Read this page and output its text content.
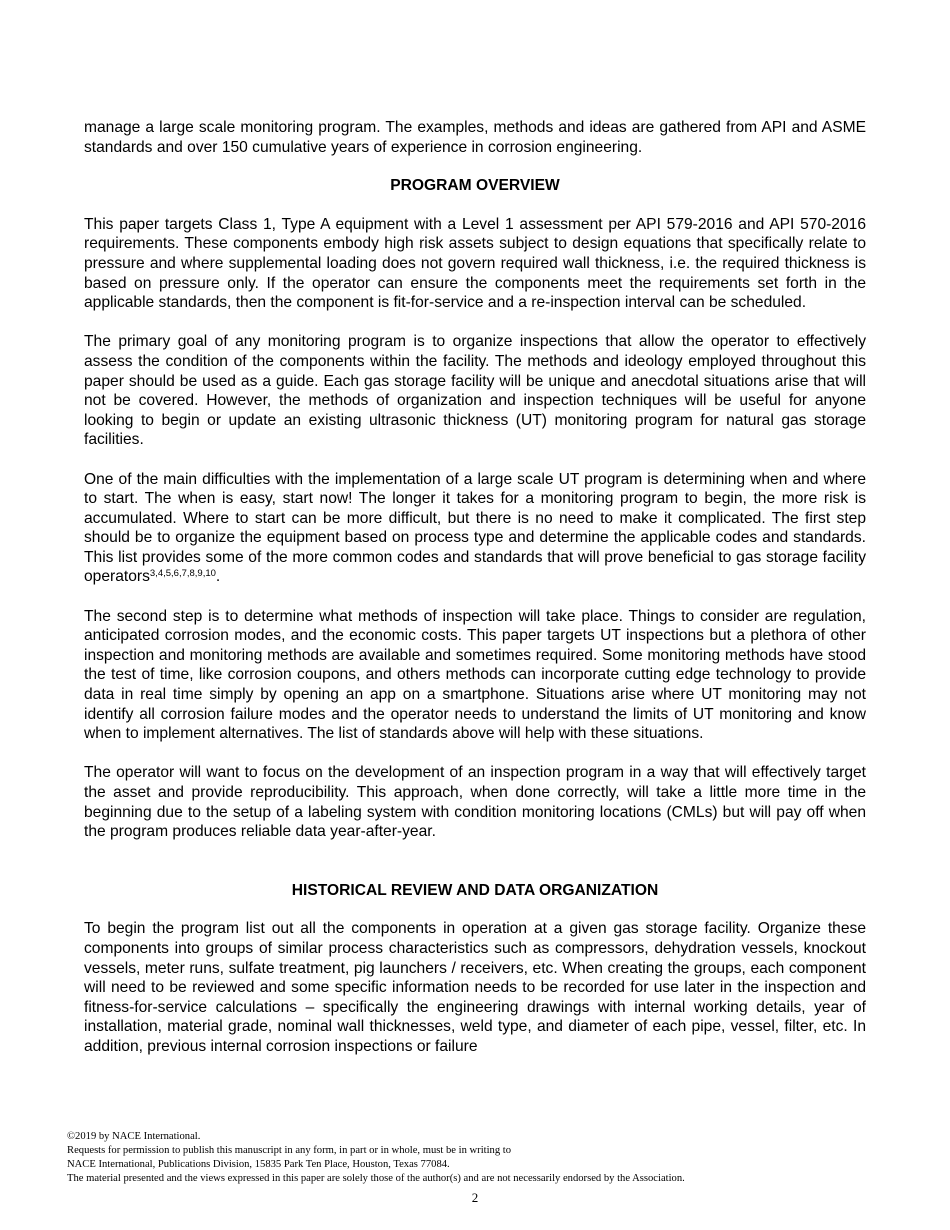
manage a large scale monitoring program. The examples, methods and ideas are gathered from API and ASME standards and over 150 cumulative years of experience in corrosion engineering.

PROGRAM OVERVIEW

This paper targets Class 1, Type A equipment with a Level 1 assessment per API 579-2016 and API 570-2016 requirements. These components embody high risk assets subject to design equations that specifically relate to pressure and where supplemental loading does not govern required wall thickness, i.e. the required thickness is based on pressure only. If the operator can ensure the components meet the requirements set forth in the applicable standards, then the component is fit-for-service and a re-inspection interval can be scheduled.

The primary goal of any monitoring program is to organize inspections that allow the operator to effectively assess the condition of the components within the facility. The methods and ideology employed throughout this paper should be used as a guide. Each gas storage facility will be unique and anecdotal situations arise that will not be covered. However, the methods of organization and inspection techniques will be useful for anyone looking to begin or update an existing ultrasonic thickness (UT) monitoring program for natural gas storage facilities.

One of the main difficulties with the implementation of a large scale UT program is determining when and where to start. The when is easy, start now! The longer it takes for a monitoring program to begin, the more risk is accumulated. Where to start can be more difficult, but there is no need to make it complicated. The first step should be to organize the equipment based on process type and determine the applicable codes and standards. This list provides some of the more common codes and standards that will prove beneficial to gas storage facility operators$^{3,4,5,6,7,8,9,10}$.

The second step is to determine what methods of inspection will take place. Things to consider are regulation, anticipated corrosion modes, and the economic costs. This paper targets UT inspections but a plethora of other inspection and monitoring methods are available and sometimes required. Some monitoring methods have stood the test of time, like corrosion coupons, and others methods can incorporate cutting edge technology to provide data in real time simply by opening an app on a smartphone. Situations arise where UT monitoring may not identify all corrosion failure modes and the operator needs to understand the limits of UT monitoring and know when to implement alternatives. The list of standards above will help with these situations.

The operator will want to focus on the development of an inspection program in a way that will effectively target the asset and provide reproducibility. This approach, when done correctly, will take a little more time in the beginning due to the setup of a labeling system with condition monitoring locations (CMLs) but will pay off when the program produces reliable data year-after-year.

HISTORICAL REVIEW AND DATA ORGANIZATION

To begin the program list out all the components in operation at a given gas storage facility. Organize these components into groups of similar process characteristics such as compressors, dehydration vessels, knockout vessels, meter runs, sulfate treatment, pig launchers / receivers, etc. When creating the groups, each component will need to be reviewed and some specific information needs to be recorded for use later in the inspection and fitness-for-service calculations – specifically the engineering drawings with internal working details, year of installation, material grade, nominal wall thicknesses, weld type, and diameter of each pipe, vessel, filter, etc. In addition, previous internal corrosion inspections or failure

©2019 by NACE International.
Requests for permission to publish this manuscript in any form, in part or in whole, must be in writing to
NACE International, Publications Division, 15835 Park Ten Place, Houston, Texas 77084.
The material presented and the views expressed in this paper are solely those of the author(s) and are not necessarily endorsed by the Association.
2
